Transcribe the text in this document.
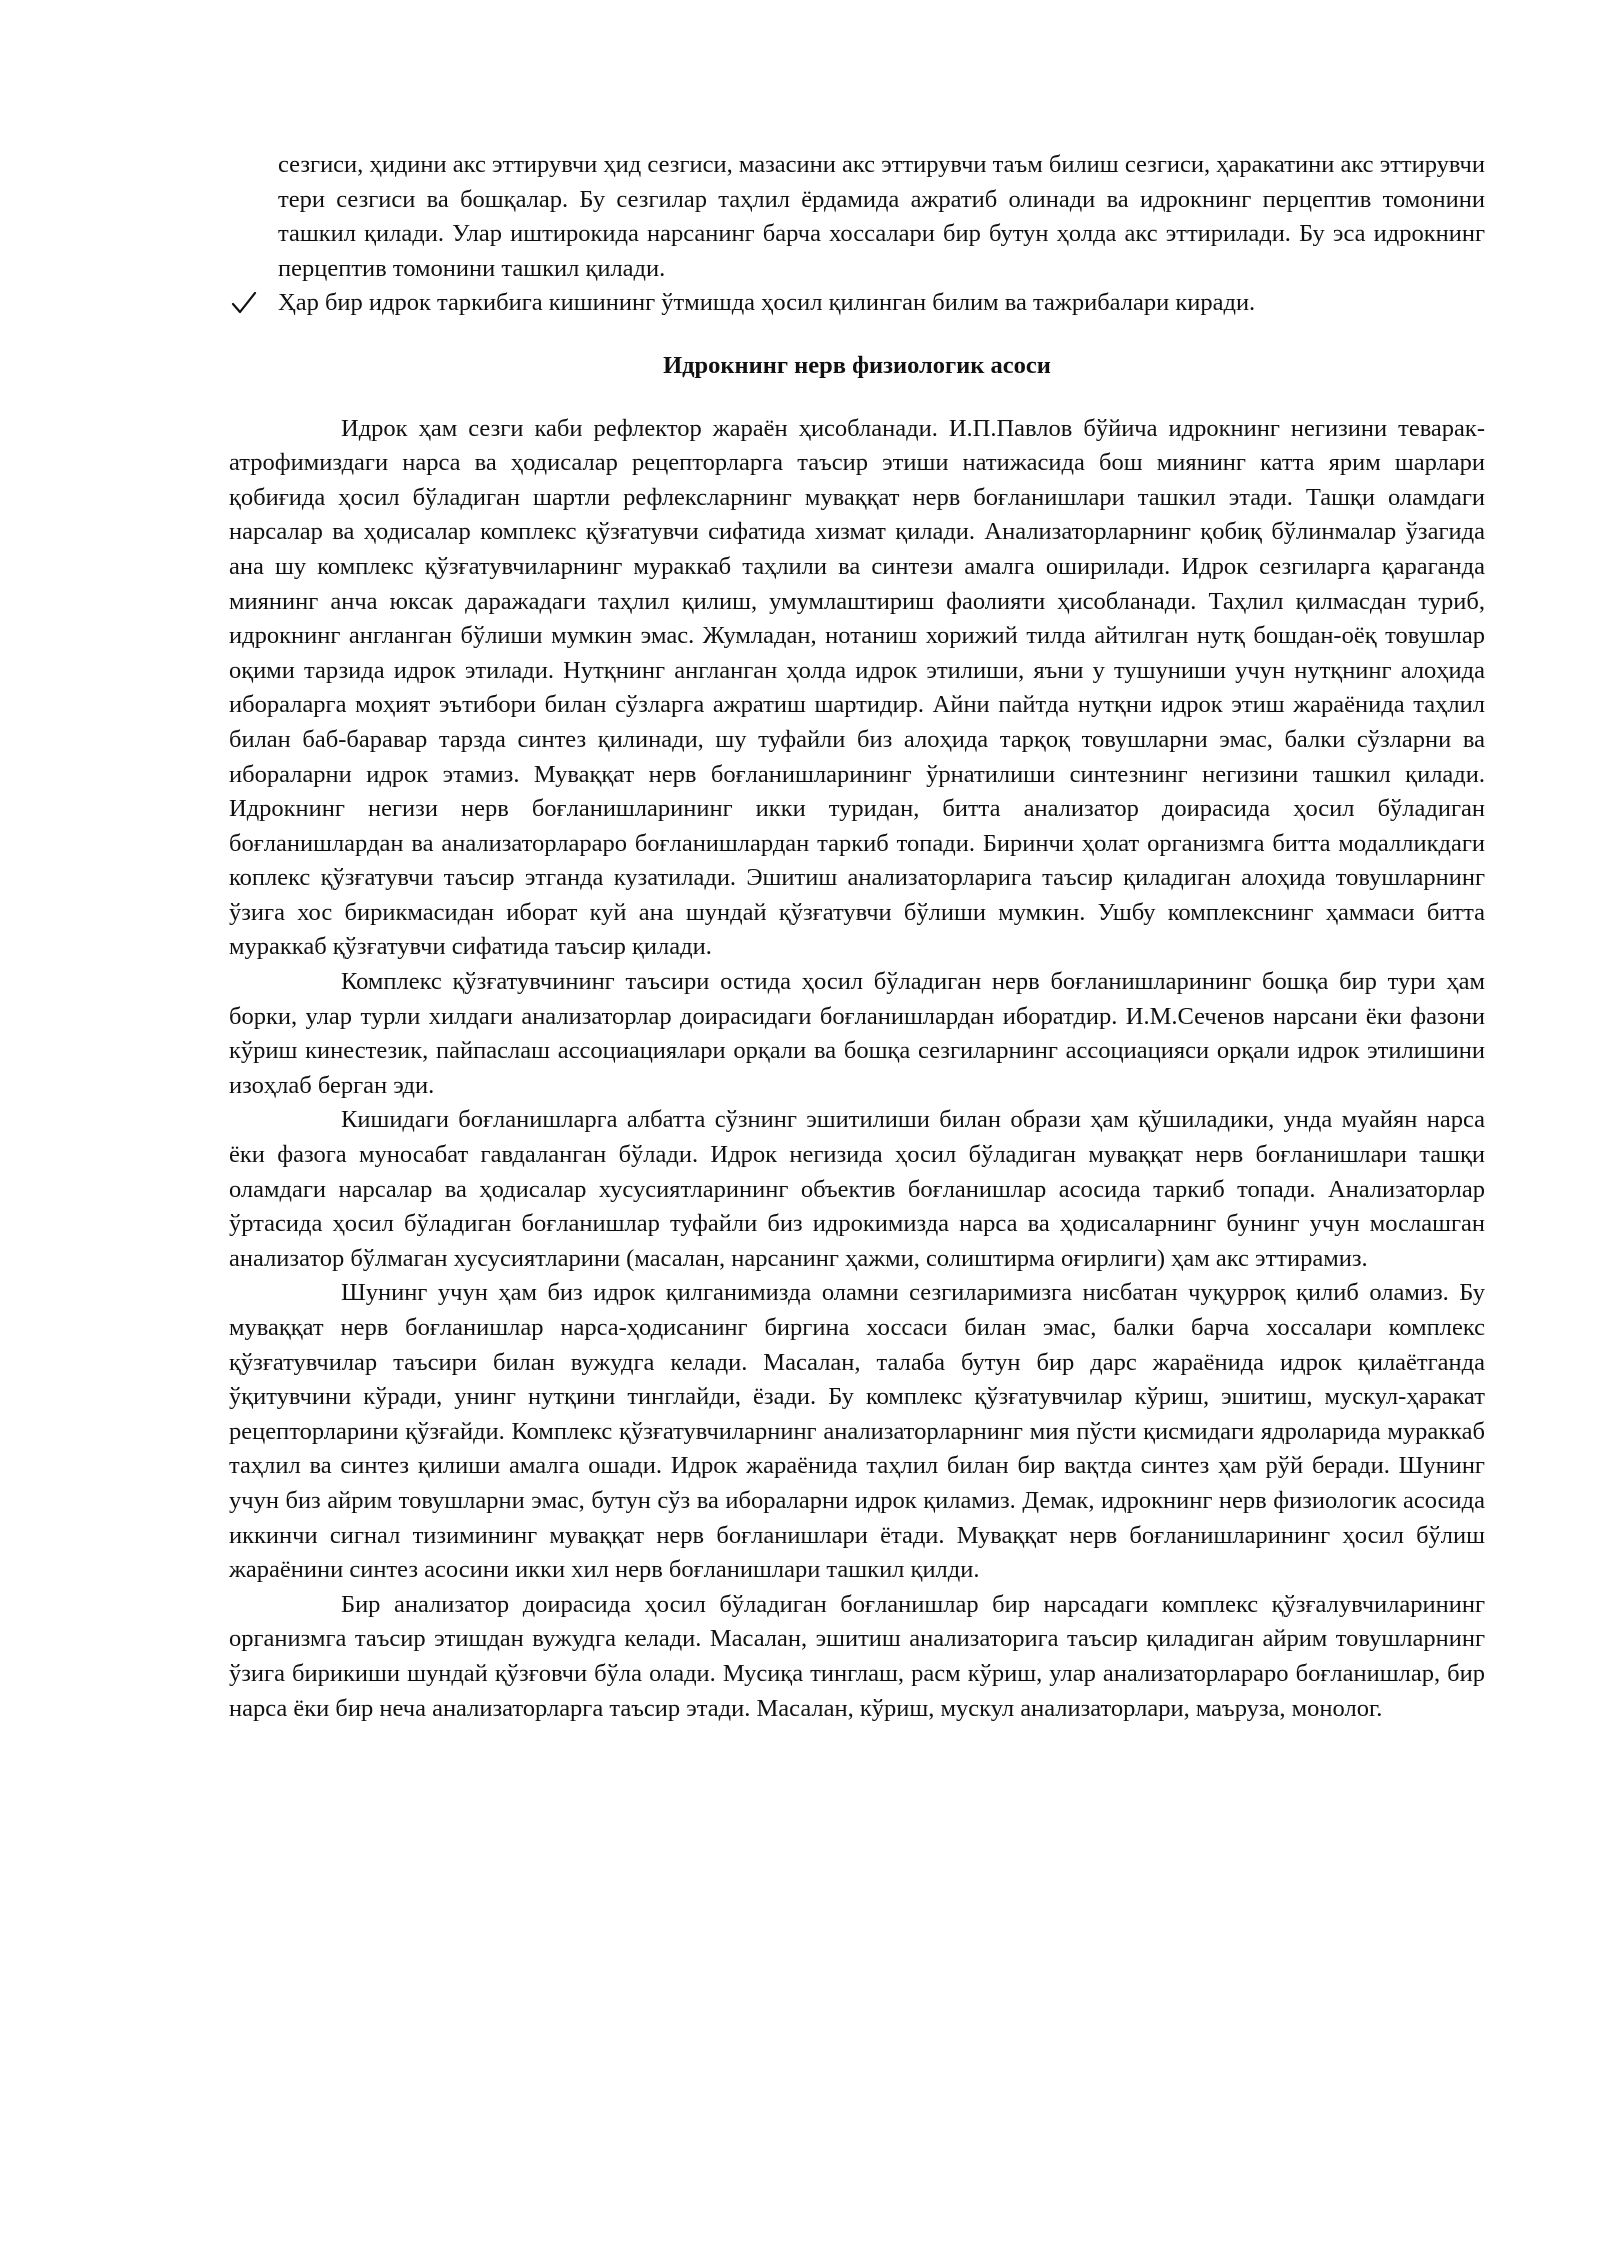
сезгиси, ҳидини акс эттирувчи ҳид сезгиси, мазасини акс эттирувчи таъм билиш сезгиси, ҳаракатини акс эттирувчи тери сезгиси ва бошқалар. Бу сезгилар таҳлил ёрдамида ажратиб олинади ва идрокнинг перцептив томонини ташкил қилади. Улар иштирокида нарсанинг барча хоссалари бир бутун ҳолда акс эттирилади. Бу эса идрокнинг перцептив томонини ташкил қилади.

Ҳар бир идрок таркибига кишининг ўтмишда ҳосил қилинган билим ва тажрибалари киради.
Идрокнинг нерв физиологик асоси

Идрок ҳам сезги каби рефлектор жараён ҳисобланади. И.П.Павлов бўйича идрокнинг негизини теварак-атрофимиздаги нарса ва ҳодисалар рецепторларга таъсир этиши натижасида бош миянинг катта ярим шарлари қобиғида ҳосил бўладиган шартли рефлексларнинг муваққат нерв боғланишлари ташкил этади. Ташқи оламдаги нарсалар ва ҳодисалар комплекс қўзғатувчи сифатида хизмат қилади. Анализаторларнинг қобиқ бўлинмалар ўзагида ана шу комплекс қўзғатувчиларнинг мураккаб таҳлили ва синтези амалга оширилади. Идрок сезгиларга қараганда миянинг анча юксак даражадаги таҳлил қилиш, умумлаштириш фаолияти ҳисобланади. Таҳлил қилмасдан туриб, идрокнинг англанган бўлиши мумкин эмас. Жумладан, нотаниш хорижий тилда айтилган нутқ бошдан-оёқ товушлар оқими тарзида идрок этилади. Нутқнинг англанган ҳолда идрок этилиши, яъни у тушуниши учун нутқнинг алоҳида ибораларга моҳият эътибори билан сўзларга ажратиш шартидир. Айни пайтда нутқни идрок этиш жараёнида таҳлил билан баб-баравар тарзда синтез қилинади, шу туфайли биз алоҳида тарқоқ товушларни эмас, балки сўзларни ва ибораларни идрок этамиз. Муваққат нерв боғланишларининг ўрнатилиши синтезнинг негизини ташкил қилади. Идрокнинг негизи нерв боғланишларининг икки туридан, битта анализатор доирасида ҳосил бўладиган боғланишлардан ва анализаторлараро боғланишлардан таркиб топади. Биринчи ҳолат организмга битта модалликдаги коплекс қўзғатувчи таъсир этганда кузатилади. Эшитиш анализаторларига таъсир қиладиган алоҳида товушларнинг ўзига хос бирикмасидан иборат куй ана шундай қўзғатувчи бўлиши мумкин. Ушбу комплекснинг ҳаммаси битта мураккаб қўзғатувчи сифатида таъсир қилади.

Комплекс қўзғатувчининг таъсири остида ҳосил бўладиган нерв боғланишларининг бошқа бир тури ҳам борки, улар турли хилдаги анализаторлар доирасидаги боғланишлардан иборатдир. И.М.Сеченов нарсани ёки фазони кўриш кинестезик, пайпаслаш ассоциациялари орқали ва бошқа сезгиларнинг ассоциацияси орқали идрок этилишини изоҳлаб берган эди.

Кишидаги боғланишларга албатта сўзнинг эшитилиши билан образи ҳам қўшиладики, унда муайян нарса ёки фазога муносабат гавдаланган бўлади. Идрок негизида ҳосил бўладиган муваққат нерв боғланишлари ташқи оламдаги нарсалар ва ҳодисалар хусусиятларининг объектив боғланишлар асосида таркиб топади. Анализаторлар ўртасида ҳосил бўладиган боғланишлар туфайли биз идрокимизда нарса ва ҳодисаларнинг бунинг учун мослашган анализатор бўлмаган хусусиятларини (масалан, нарсанинг ҳажми, солиштирма оғирлиги) ҳам акс эттирамиз.

Шунинг учун ҳам биз идрок қилганимизда оламни сезгиларимизга нисбатан чуқурроқ қилиб оламиз. Бу муваққат нерв боғланишлар нарса-ҳодисанинг биргина хоссаси билан эмас, балки барча хоссалари комплекс қўзғатувчилар таъсири билан вужудга келади. Масалан, талаба бутун бир дарс жараёнида идрок қилаётганда ўқитувчини кўради, унинг нутқини тинглайди, ёзади. Бу комплекс қўзғатувчилар кўриш, эшитиш, мускул-ҳаракат рецепторларини қўзғайди. Комплекс қўзғатувчиларнинг анализаторларнинг мия пўсти қисмидаги ядроларида мураккаб таҳлил ва синтез қилиши амалга ошади. Идрок жараёнида таҳлил билан бир вақтда синтез ҳам рўй беради. Шунинг учун биз айрим товушларни эмас, бутун сўз ва ибораларни идрок қиламиз. Демак, идрокнинг нерв физиологик асосида иккинчи сигнал тизимининг муваққат нерв боғланишлари ётади. Муваққат нерв боғланишларининг ҳосил бўлиш жараёнини синтез асосини икки хил нерв боғланишлари ташкил қилди.

Бир анализатор доирасида ҳосил бўладиган боғланишлар бир нарсадаги комплекс қўзғалувчиларининг организмга таъсир этишдан вужудга келади. Масалан, эшитиш анализаторига таъсир қиладиган айрим товушларнинг ўзига бирикиши шундай қўзғовчи бўла олади. Мусиқа тинглаш, расм кўриш, улар анализаторлараро боғланишлар, бир нарса ёки бир неча анализаторларга таъсир этади. Масалан, кўриш, мускул анализаторлари, маъруза, монолог.
